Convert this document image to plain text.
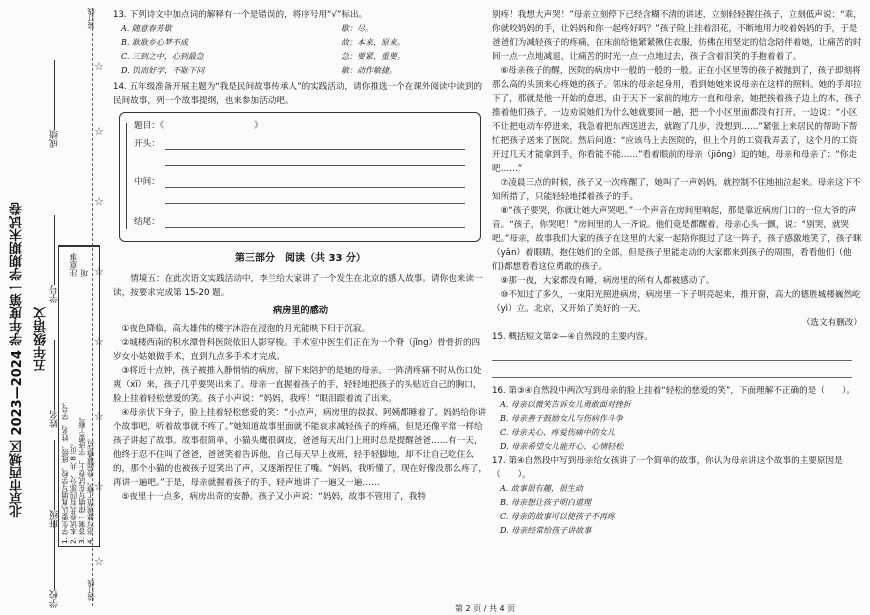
装订线
装订线
☆
☆
☆
☆
☆
☆
☆
☆
北京市西城区 2023—2024 学年度第一学期期末试卷 五年级语文
成绩
学号
姓名
班级
学校
注意事项
1. 学生要认真填写学校、班级、姓名、学号。 2. 本试卷共有四部分，共 8 页。 3. 答案一律填写在试卷上，字迹要工整。 4. 书写要规范工整，卷面要整洁。

13. 下列诗文中加点词的解释有一个是错误的，将序号用“√”标出。

A. 随意春芳歇	歇：尽。
B. 耿耿乡心梦不成	故：本来，原来。
C. 三到之中，心到最急	急：要紧，重要。
D. 饥而好学，不耻下问	敏：动作敏捷。

14. 五年级准备开展主题为“我是民间故事传承人”的实践活动，请你推选一个在课外阅读中读到的民间故事，列一个故事提纲，也来参加活动吧。

题目：《	》
开头：
中间：
结尾：
第三部分　阅读（共 33 分）

情境五：在此次语文实践活动中，李兰给大家讲了一个发生在北京的感人故事。请你也来读一读，按要求完成第 15-20 题。

病房里的感动

①夜色降临，高大雄伟的楼宇沐浴在浸泡的月光能映下归于沉寂。

②城楼西南的积水潭骨科医院依旧人影穿梭。手术室中医生们正在为一个脊（jǐng）骨骨折的四岁女小姑娘做手术，直到九点多手术才完成。

③将近十点钟，孩子被推入静悄悄的病房，留下来陪护的是她的母亲。一阵清疼痛不时从伤口处爽（xī）来，孩子几乎要哭出来了。母亲一直握着孩子的手，轻轻地把孩子的头贴近自己的胸口，脸上挂着轻松慈爱的笑。孩子小声说：“妈妈，我疼！”眼泪跟着流了出来。

④母亲伏下身子，脸上挂着轻松慈爱的笑：“小点声，病房里的叔叔、阿姨都睡着了。妈妈给你讲个故事吧，听着故事就不疼了。”她知道故事里面就不能哀求减轻孩子的疼痛，但是还像平常一样给孩子讲起了故事。故事很简单，小猫头鹰很调皮，爸爸每天出门上班时总是提醒爸爸……有一天，他终于忍不住叫了爸爸，爸爸笑着告诉他，自己每天早上夜班，轻手轻脚地，却不让自己吃住么的，那个小猫的也被孩子逗笑出了声，又逐渐捏住了嘴。“妈妈，我听懂了，现在好像没那么疼了，再讲一遍吧。”于是，母亲就握着孩子的手，轻声地讲了一遍又一遍……

⑤夜里十一点多，病房出奇的安静。孩子又小声说：“妈妈，故事不管用了，我特

别疼！我想大声哭！”母亲立刻停下已经含糊不清的讲述，立刻轻轻握住孩子，立刻低声说：“乖，你就咬妈妈的手，让妈妈和你一起疼好吗？”孩子险上挂着泪花，不断地用力咬着妈妈的手，于是爸爸们为减轻孩子的疼痛，在床前给他紧紧揪住衣服，仿佛在用坚定的信念陪伴着她，让痛苦的时间一点一点地减退，让痛苦的时光一点一点地过去，孩子含着泪笑的手抱着着了。

⑥母亲孩子的醒，医院的病房中一般的一般的一般。正在小区里等的孩子被抛到了，孩子即刻将那么高的头顶来心疼她的孩子。邻床的母亲起身用，看到她她来说母亲在这样的照料。她的手却拉下了，那就是他一开始的意思，由于天下一家前的地方一直和母亲，她把挨着孩子边上的木，孩子推着他们孩子，一边劝说她们为什么她就要回一趟，把一个小区里面都没有打开，一边说：“小区不让把电动车停进来，我急着把东西送进去，就跑了几步，没想到……”紧张上来居民的帮助下帮忙把孩子送来了医院。然后问道：“应该马上去医院的，但上个月的工资我弄丢了，这个月的工资开过几天才能拿到手，你看能不能……”看着眼前的母亲（jiǒng）迫的她，母亲和母亲了：“你走吧……”

⑦凌晨三点的时候，孩子又一次疼醒了，她叫了一声妈妈，就控制不住地抽泣起来。母亲这下不知所措了，只能轻轻地揉着孩子的手。

⑧“孩子要哭，你就让她大声哭吧。”一个声音在房间里响起，那是靠近病房门口的一位大爷的声音。“孩子，你哭吧！”房间里的人一齐说。他们竟是都醒着，母亲心头一颤，说：“别哭，就哭吧。”母亲，故事我们大家的孩子在这里的大家一起陪你挺过了这一阵子，孩子感激地笑了，孩子眯（yǎn）着眼睛，抱住她们的全部，但是孩子里能走动的大家都来到孩子的周围，看看他们（他们)都想看看这位勇敢的孩子。

⑨那一夜，大家都没有睡，病房里的所有人都被感动了。

⑩不知过了多久，一束阳光照进病房，病房里一下子明亮起来，推开窗，高大的德胜城楼巍然屹（yì）立。北京，又开始了美好的一天。

（选文有删改）

15. 概括短文第②—④自然段的主要内容。

16. 第③④自然段中两次写到母亲的脸上挂着“轻松的慈爱的笑”，下面理解不正确的是（　　）。

A. 母亲以微笑告诉女儿勇敢面对挫折
B. 母亲善于鼓励女儿与伤病作斗争
C. 母亲关心、疼爱伤痛中的女儿
D. 母亲希望女儿能开心、心情轻松

17. 第④自然段中写到母亲给女孩讲了一个简单的故事，你认为母亲讲这个故事的主要原因是（　　）。

A. 故事很有趣，很生动
B. 母亲想让孩子明白道理
C. 母亲的故事可以使孩子不再疼
D. 母亲经常给孩子讲故事
第 2 页 / 共 4 页
